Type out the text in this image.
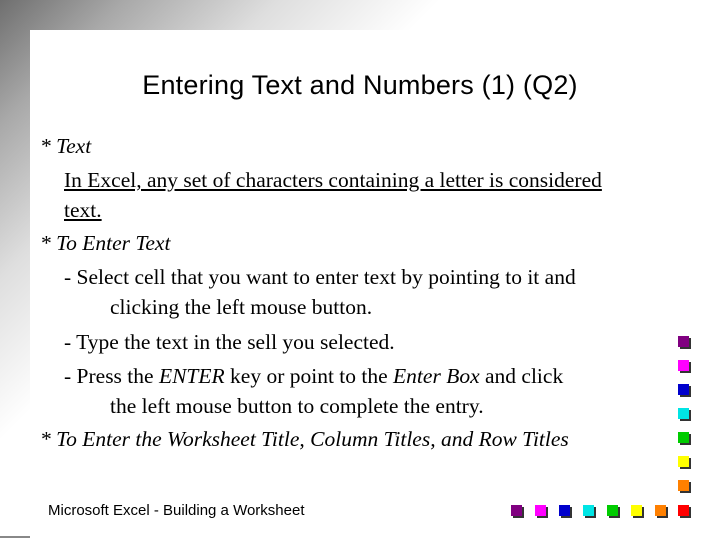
Entering Text and Numbers (1) (Q2)
* Text
In Excel, any set of characters containing a letter is considered
text.
* To Enter Text
- Select cell that you want to enter text by pointing to it and
clicking the left mouse button.
- Type the text in the sell you selected.
- Press the ENTER key or point to the Enter Box and click
the left mouse button to complete the entry.
* To Enter the Worksheet Title, Column Titles, and Row Titles
Microsoft Excel - Building a Worksheet
